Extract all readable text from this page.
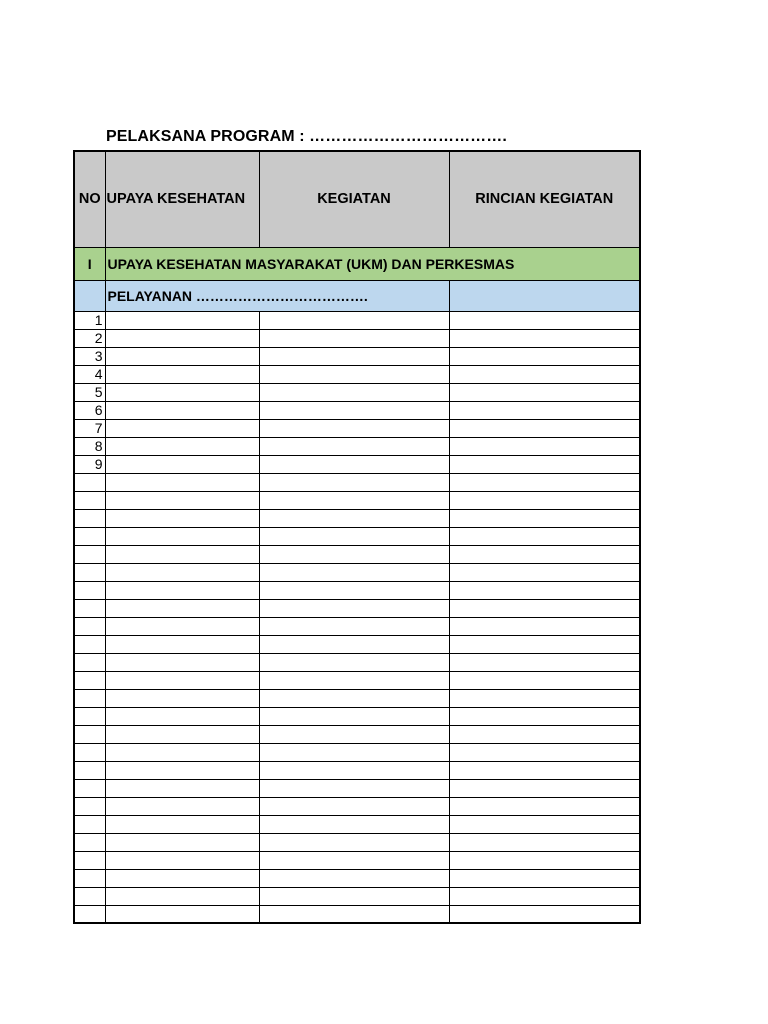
PELAKSANA PROGRAM : ……………………………….
NO	UPAYA KESEHATAN	KEGIATAN	RINCIAN KEGIATAN
I	UPAYA KESEHATAN MASYARAKAT (UKM) DAN PERKESMAS		
	PELAYANAN ……………………………….		
1			
2			
3			
4			
5			
6			
7			
8			
9			
